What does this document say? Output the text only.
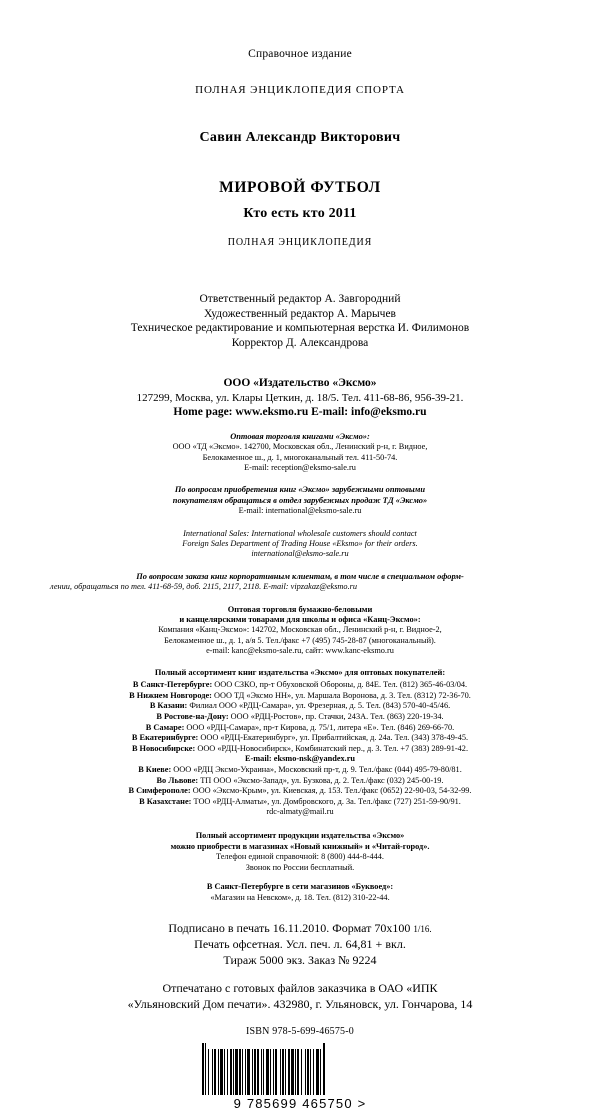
Справочное издание
ПОЛНАЯ ЭНЦИКЛОПЕДИЯ СПОРТА
Савин Александр Викторович
МИРОВОЙ ФУТБОЛ
Кто есть кто 2011
ПОЛНАЯ ЭНЦИКЛОПЕДИЯ
Ответственный редактор А. Завгородний
Художественный редактор А. Марычев
Техническое редактирование и компьютерная верстка И. Филимонов
Корректор Д. Александрова
ООО «Издательство «Эксмо»
127299, Москва, ул. Клары Цеткин, д. 18/5. Тел. 411-68-86, 956-39-21.
Home page: www.eksmo.ru E-mail: info@eksmo.ru
Оптовая торговля книгами «Эксмо»:
ООО «ТД «Эксмо». 142700, Московская обл., Ленинский р-н, г. Видное,
Белокаменное ш., д. 1, многоканальный тел. 411-50-74.
E-mail: reception@eksmo-sale.ru
По вопросам приобретения книг «Эксмо» зарубежными оптовыми
покупателям обращаться в отдел зарубежных продаж ТД «Эксмо»
E-mail: international@eksmo-sale.ru
International Sales: International wholesale customers should contact
Foreign Sales Department of Trading House «Eksmo» for their orders.
international@eksmo-sale.ru
По вопросам заказа книг корпоративным клиентам, в том числе в специальном оформ-
лении, обращаться по тел. 411-68-59, доб. 2115, 2117, 2118. E-mail: vipzakaz@eksmo.ru
Оптовая торговля бумажно-беловыми
и канцелярскими товарами для школы и офиса «Канц-Эксмо»:
Компания «Канц-Эксмо»: 142702, Московская обл., Ленинский р-н, г. Видное-2,
Белокаменное ш., д. 1, а/я 5. Тел./факс +7 (495) 745-28-87 (многоканальный).
e-mail: kanc@eksmo-sale.ru, сайт: www.kanc-eksmo.ru
Полный ассортимент книг издательства «Эксмо» для оптовых покупателей:
В Санкт-Петербурге: ООО СЗКО, пр-т Обуховской Обороны, д. 84Е. Тел. (812) 365-46-03/04.
В Нижнем Новгороде: ООО ТД «Эксмо НН», ул. Маршала Воронова, д. 3. Тел. (8312) 72-36-70.
В Казани: Филиал ООО «РДЦ-Самара», ул. Фрезерная, д. 5. Тел. (843) 570-40-45/46.
В Ростове-на-Дону: ООО «РДЦ-Ростов», пр. Стачки, 243А. Тел. (863) 220-19-34.
В Самаре: ООО «РДЦ-Самара», пр-т Кирова, д. 75/1, литера «Е». Тел. (846) 269-66-70.
В Екатеринбурге: ООО «РДЦ-Екатеринбург», ул. Прибалтийская, д. 24а. Тел. (343) 378-49-45.
В Новосибирске: ООО «РДЦ-Новосибирск», Комбинатский пер., д. 3. Тел. +7 (383) 289-91-42.
E-mail: eksmo-nsk@yandex.ru
В Киеве: ООО «РДЦ Эксмо-Украина», Московский пр-т, д. 9. Тел./факс (044) 495-79-80/81.
Во Львове: ТП ООО «Эксмо-Запад», ул. Бузкова, д. 2. Тел./факс (032) 245-00-19.
В Симферополе: ООО «Эксмо-Крым», ул. Киевская, д. 153. Тел./факс (0652) 22-90-03, 54-32-99.
В Казахстане: ТОО «РДЦ-Алматы», ул. Домбровского, д. 3а. Тел./факс (727) 251-59-90/91.
rdc-almaty@mail.ru
Полный ассортимент продукции издательства «Эксмо»
можно приобрести в магазинах «Новый книжный» и «Читай-город».
Телефон единой справочной: 8 (800) 444-8-444.
Звонок по России бесплатный.
В Санкт-Петербурге в сети магазинов «Буквоед»:
«Магазин на Невском», д. 18. Тел. (812) 310-22-44.
Подписано в печать 16.11.2010. Формат 70х100 1/16.
Печать офсетная. Усл. печ. л. 64,81 + вкл.
Тираж 5000 экз. Заказ № 9224
Отпечатано с готовых файлов заказчика в ОАО «ИПК
«Ульяновский Дом печати». 432980, г. Ульяновск, ул. Гончарова, 14
ISBN 978-5-699-46575-0
9 785699 465750 >
